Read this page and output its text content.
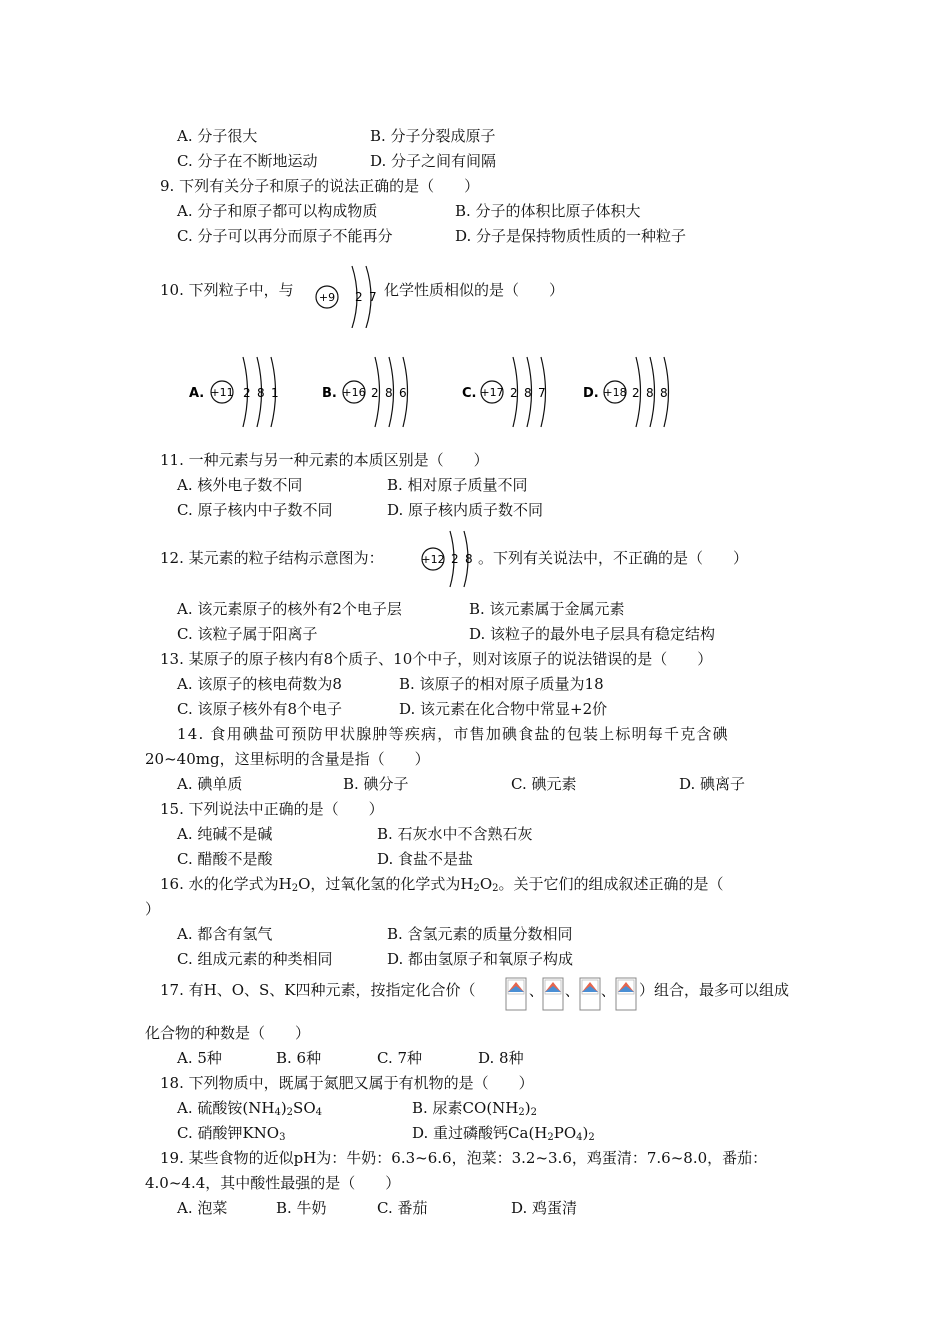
A. 分子很大	B. 分子分裂成原子
C. 分子在不断地运动	D. 分子之间有间隔
9. 下列有关分子和原子的说法正确的是（　　）
A. 分子和原子都可以构成物质	B. 分子的体积比原子体积大
C. 分子可以再分而原子不能再分	D. 分子是保持物质性质的一种粒子
10. 下列粒子中，与 +9 2 7 化学性质相似的是（　　）
A. +11 2 8 1	B. +16 2 8 6	C. +17 2 8 7	D. +18 2 8 8
11. 一种元素与另一种元素的本质区别是（　　）
A. 核外电子数不同	B. 相对原子质量不同
C. 原子核内中子数不同	D. 原子核内质子数不同
12. 某元素的粒子结构示意图为：	+12 2 8 。下列有关说法中，不正确的是（　　）
A. 该元素原子的核外有2个电子层	B. 该元素属于金属元素
C. 该粒子属于阳离子	D. 该粒子的最外电子层具有稳定结构
13. 某原子的原子核内有8个质子、10个中子，则对该原子的说法错误的是（　　）
A. 该原子的核电荷数为8	B. 该原子的相对原子质量为18
C. 该原子核外有8个电子	D. 该元素在化合物中常显+2价
14. 食用碘盐可预防甲状腺肿等疾病，市售加碘食盐的包装上标明每千克含碘
20~40mg，这里标明的含量是指（　　）
A. 碘单质	B. 碘分子	C. 碘元素	D. 碘离子
15. 下列说法中正确的是（　　）
A. 纯碱不是碱	B. 石灰水中不含熟石灰
C. 醋酸不是酸	D. 食盐不是盐
16. 水的化学式为$H_2O$，过氧化氢的化学式为$H_2O_2$。关于它们的组成叙述正确的是（
）
A. 都含有氢气	B. 含氢元素的质量分数相同
C. 组成元素的种类相同	D. 都由氢原子和氧原子构成
17. 有H、O、S、K四种元素，按指定化合价（	、 、 、 ）组合，最多可以组成
化合物的种数是（　　）
A. 5种	B. 6种	C. 7种	D. 8种
18. 下列物质中，既属于氮肥又属于有机物的是（　　）
A. 硫酸铵$(NH_4)_2SO_4$	B. 尿素$CO(NH_2)_2$
C. 硝酸钾$KNO_3$	D. 重过磷酸钙$Ca(H_2PO_4)_2$
19. 某些食物的近似pH为：牛奶：6.3~6.6，泡菜：3.2~3.6，鸡蛋清：7.6~8.0，番茄：
4.0~4.4，其中酸性最强的是（　　）
A. 泡菜	B. 牛奶	C. 番茄	D. 鸡蛋清
